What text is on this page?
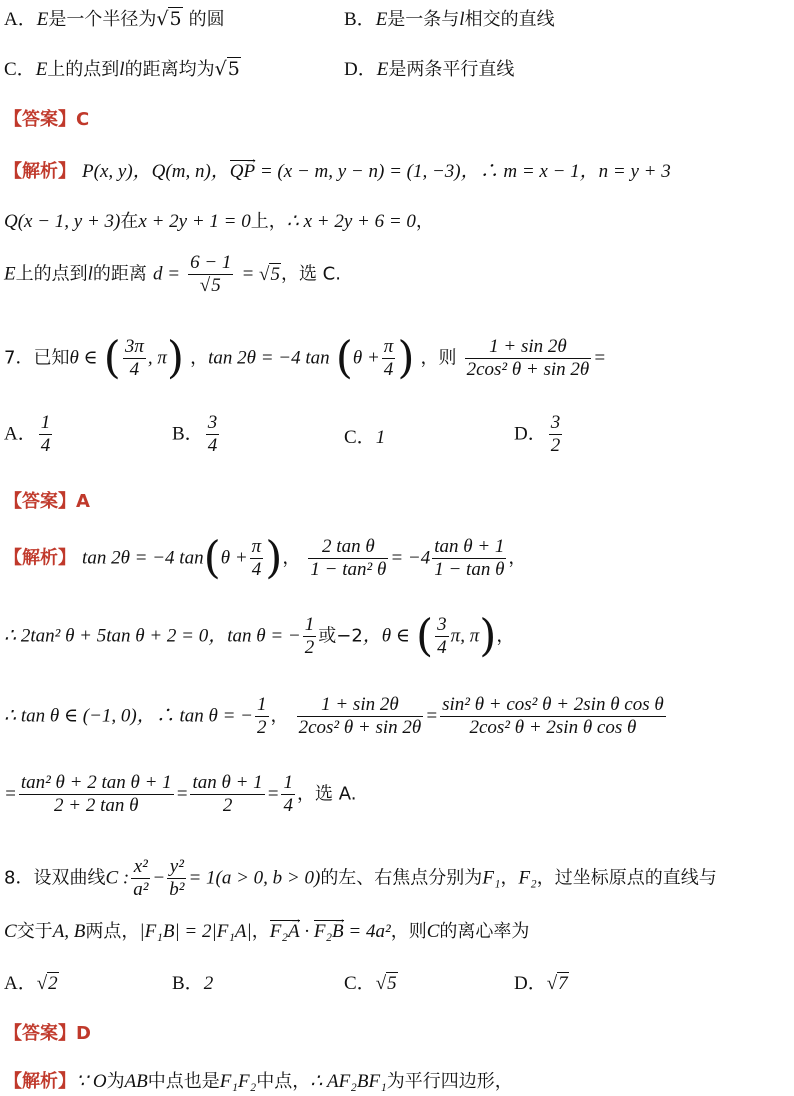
A．E是一个半径为√5 的圆	B．E是一条与l相交的直线
C．E上的点到l的距离均为√5	D．E是两条平行直线
【答案】C
【解析】 P(x, y)，Q(m, n)，QP → = (x − m, y − n) = (1, −3)，∴ m = x − 1，n = y + 3
Q(x − 1, y + 3)在x + 2y + 1 = 0上，∴ x + 2y + 6 = 0，
E上的点到l的距离 $d = \frac{6 - 1}{√5} = √5$，选 C.
7．已知θ ∈ ( $\frac{3\pi}{4}$ , π) ，tan 2θ = −4 $\tan (\theta + \frac{\pi}{4}$ ) ，则 $\frac{1 + \sin 2\theta}{\text{2cos² θ + sin 2θ}}$ =
A． $\frac{1}{4}$	B． $\frac{3}{4}$	C．1	D． $\frac{3}{2}$
【答案】A
【解析】 tan 2θ = −4 $\tan(\theta + \frac{\pi}{4}$ )， $\frac{\text{2 tan θ}}{\text{1 − tan² θ}} = -4 \frac{\text{tan θ + 1}}{\text{1 − tan θ}}$ ，
∴ 2tan² θ + 5tan θ + 2 = 0，tan θ = − $\frac{1}{2}$ 或−2，θ ∈ ( $\frac{3}{4} \pi$, π)，
∴ tan θ ∈ (−1, 0)，∴ tan θ = − $\frac{1}{2}$ ， $\frac{1 + \sin 2\theta}{\text{2cos² θ + sin 2θ}} = \frac{\text{sin² θ + cos² θ + 2sin θ cos θ}}{\text{2cos² θ + 2sin θ cos θ}}$
= $\frac{\text{tan² θ + 2 tan θ + 1}}{\text{2 + 2 tan θ}} = \frac{\text{tan θ + 1}}{2} = \frac{1}{4}$ ，选 A.
8．设双曲线C : $\frac{\text{x²}}{\text{a²}} - \frac{\text{y²}}{\text{b²}} = 1(a > 0$, b > 0)的左、右焦点分别为F₁，F₂，过坐标原点的直线与
C交于A, B两点，|F₁B| = 2|F₁A|，F₂A → · F₂B → = 4a²，则C的离心率为
A．√2	B．2	C．√5	D．√7
【答案】D
【解析】∵ O为AB中点也是F₁F₂中点，∴ AF₂BF₁为平行四边形，
